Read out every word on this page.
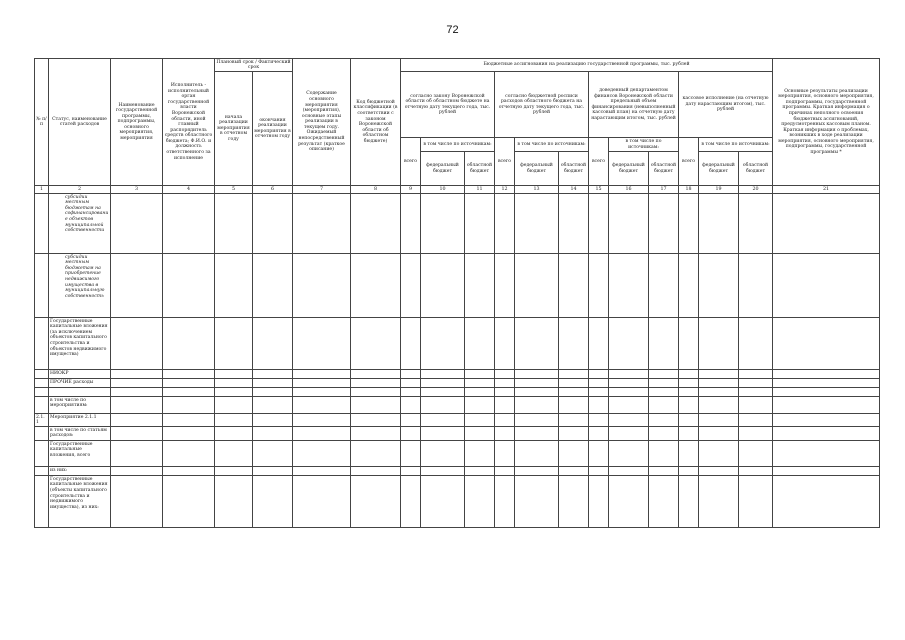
72
№ п/п	Статус, наименование статей расходов	Наименование государственной программы, подпрограммы, основного мероприятия, мероприятия	Исполнитель - исполнительный орган государственной власти Воронежской области, иной главный распорядитель средств областного бюджета; Ф.И.О. и должность ответственного за исполнение	Плановый срок / Фактический срок		Содержание основного мероприятия (мероприятия), основные этапы реализации в текущем году. Ожидаемый непосредственный результат (краткое описание)	Код бюджетной классификации (в соответствии с законом Воронежской области об областном бюджете)	Бюджетные ассигнования на реализацию государственной программы, тыс. рублей												Основные результаты реализации мероприятия, основного мероприятия, подпрограммы, государственной программы. Краткая информация о причинах неполного освоения бюджетных ассигнований, предусмотренных кассовым планом. Краткая информация о проблемах, возникших в ходе реализации мероприятия, основного мероприятия, подпрограммы, государственной программы *
				начала реализации мероприятия в отчетном году	окончания реализации мероприятия в отчетном году			согласно закону Воронежской области об областном бюджете на отчетную дату текущего года, тыс. рублей			согласно бюджетной росписи расходов областного бюджета на отчетную дату текущего года, тыс. рублей			доведенный департаментом финансов Воронежской области предельный объем финансирования (невыполненный кассовый план) на отчетную дату нарастающим итогом, тыс. рублей			кассовое исполнение (на отчетную дату нарастающим итогом), тыс. рублей			
								всего	в том числе по источникам:		всего	в том числе по источникам:		всего	в том числе по источникам:		всего	в том числе по источникам:		
									федеральный бюджет	областной бюджет		федеральный бюджет	областной бюджет		федеральный бюджет	областной бюджет		федеральный бюджет	областной бюджет	
1	2	3	4	5	6	7	8	9	10	11	12	13	14	15	16	17	18	19	20	21
	субсидии местным бюджетам на софинансирование объектов муниципальной собственности																			
	субсидии местным бюджетам на приобретение недвижимого имущества в муниципальную собственность																			
	Государственные капитальные вложения (за исключением объектов капитального строительства и объектов недвижимого имущества)																			
	НИОКР																			
	ПРОЧИЕ расходы																			

	в том числе по мероприятиям:																			
2.1.1	Мероприятие 2.1.1																			
	в том числе по статьям расходов:																			
	Государственные капитальные вложения, всего																			
	из них:																			
	Государственные капитальные вложения (объекты капитального строительства и недвижимого имущества), из них:																			
